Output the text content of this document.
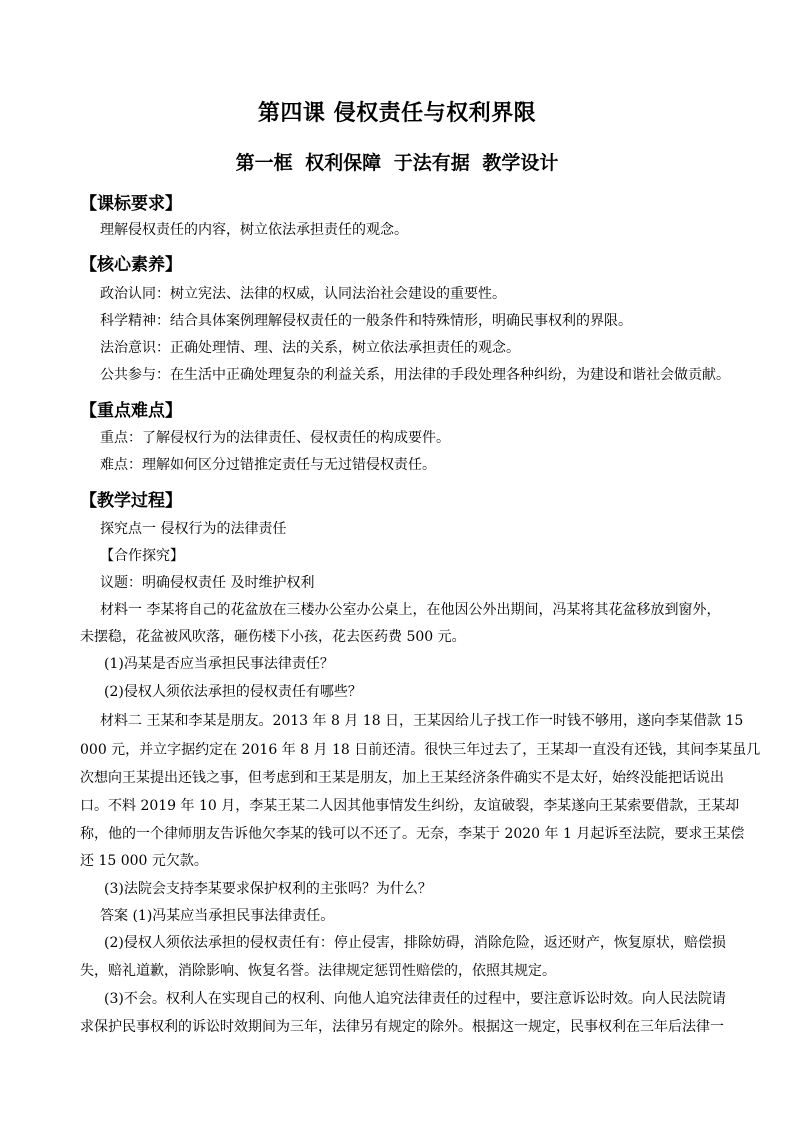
第四课 侵权责任与权利界限
第一框 权利保障 于法有据 教学设计
【课标要求】
理解侵权责任的内容，树立依法承担责任的观念。
【核心素养】
政治认同：树立宪法、法律的权威，认同法治社会建设的重要性。
科学精神：结合具体案例理解侵权责任的一般条件和特殊情形，明确民事权利的界限。
法治意识：正确处理情、理、法的关系，树立依法承担责任的观念。
公共参与：在生活中正确处理复杂的利益关系，用法律的手段处理各种纠纷，为建设和谐社会做贡献。
【重点难点】
重点：了解侵权行为的法律责任、侵权责任的构成要件。
难点：理解如何区分过错推定责任与无过错侵权责任。
【教学过程】
探究点一 侵权行为的法律责任
【合作探究】
议题：明确侵权责任 及时维护权利
材料一 李某将自己的花盆放在三楼办公室办公桌上，在他因公外出期间，冯某将其花盆移放到窗外，
未摆稳，花盆被风吹落，砸伤楼下小孩，花去医药费 500 元。
(1)冯某是否应当承担民事法律责任？
(2)侵权人须依法承担的侵权责任有哪些？
材料二 王某和李某是朋友。2013 年 8 月 18 日，王某因给儿子找工作一时钱不够用，遂向李某借款 15
000 元，并立字据约定在 2016 年 8 月 18 日前还清。很快三年过去了，王某却一直没有还钱，其间李某虽几
次想向王某提出还钱之事，但考虑到和王某是朋友，加上王某经济条件确实不是太好，始终没能把话说出
口。不料 2019 年 10 月，李某王某二人因其他事情发生纠纷，友谊破裂，李某遂向王某索要借款，王某却
称，他的一个律师朋友告诉他欠李某的钱可以不还了。无奈，李某于 2020 年 1 月起诉至法院，要求王某偿
还 15 000 元欠款。
(3)法院会支持李某要求保护权利的主张吗？为什么？
答案 (1)冯某应当承担民事法律责任。
(2)侵权人须依法承担的侵权责任有：停止侵害，排除妨碍，消除危险，返还财产，恢复原状，赔偿损
失，赔礼道歉，消除影响、恢复名誉。法律规定惩罚性赔偿的，依照其规定。
(3)不会。权利人在实现自己的权利、向他人追究法律责任的过程中，要注意诉讼时效。向人民法院请
求保护民事权利的诉讼时效期间为三年，法律另有规定的除外。根据这一规定，民事权利在三年后法律一
